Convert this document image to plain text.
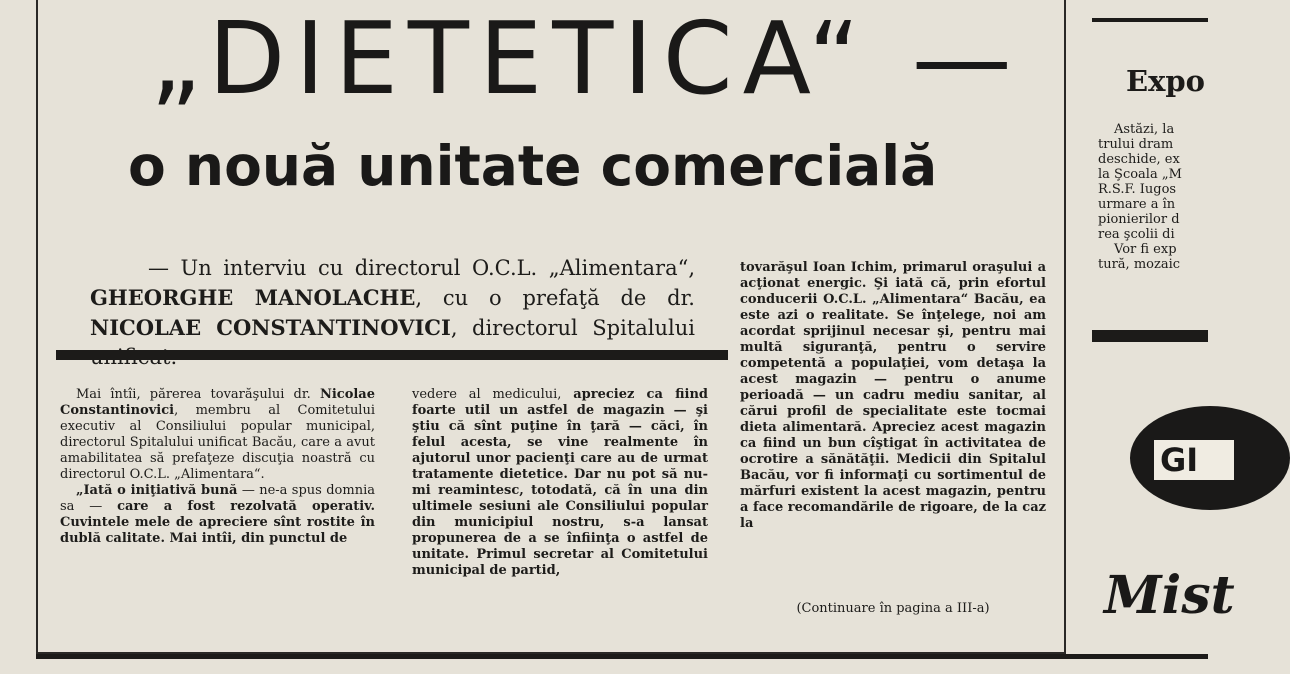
„DIETETICA“ —
o nouă unitate comercială
— Un interviu cu directorul O.C.L. „Alimentara“, GHEORGHE MANOLACHE, cu o prefaţă de dr. NICOLAE CONSTANTINOVICI, directorul Spitalului

Mai întîi, părerea tovarăşului dr. Nicolae Constantinovici, membru al Comitetului executiv al Consiliului popular municipal, directorul Spitalului unificat Bacău, care a avut amabilitatea să prefaţeze discuţia noastră cu directorul O.C.L. „Alimentara“.

„Iată o iniţiativă bună — ne-a spus domnia sa — care a fost rezolvată operativ. Cuvintele mele de apreciere sînt rostite în dublă calitate. Mai intîi, din punctul de

vedere al medicului, apreciez ca fiind foarte util un astfel de magazin — şi ştiu că sînt puţine în ţară — căci, în felul acesta, se vine realmente în ajutorul unor pacienţi care au de urmat tratamente dietetice. Dar nu pot să nu-mi reamintesc, totodată, că în una din ultimele sesiuni ale Consiliului popular din municipiul nostru, s-a lansat propunerea de a se înfiinţa o astfel de unitate. Primul secretar al Comitetului municipal de partid,

tovarăşul Ioan Ichim, primarul oraşului a acţionat energic. Şi iată că, prin efortul conducerii O.C.L. „Alimentara“ Bacău, ea este azi o realitate. Se înţelege, noi am acordat sprijinul necesar şi, pentru mai multă siguranţă, pentru o servire competentă a populaţiei, vom detaşa la acest magazin — pentru o anume perioadă — un cadru mediu sanitar, al cărui profil de specialitate este tocmai dieta alimentară. Apreciez acest magazin ca fiind un bun cîştigat în activitatea de ocrotire a sănătăţii. Medicii din Spitalul Bacău, vor fi informaţi cu sortimentul de mărfuri existent la acest magazin, pentru a face recomandările de rigoare, de la caz la
(Continuare în pagina a III-a)
Expo

Astăzi, la

trului dram

deschide, ex

la Şcoala „M

R.S.F. Iugos

urmare a în

pionierilor d

rea şcolii di

Vor fi exp

tură, mozaic

GI
Mist
